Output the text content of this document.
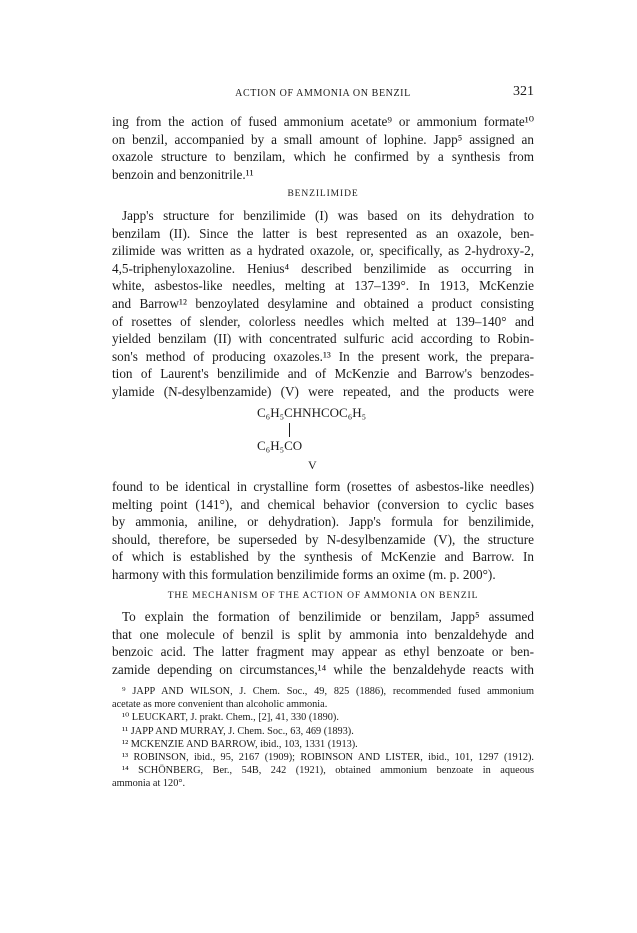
ACTION OF AMMONIA ON BENZIL	321
ing from the action of fused ammonium acetate⁹ or ammonium formate¹⁰
on benzil, accompanied by a small amount of lophine. Japp⁵ assigned an
oxazole structure to benzilam, which he confirmed by a synthesis from
benzoin and benzonitrile.¹¹
BENZILIMIDE
Japp's structure for benzilimide (I) was based on its dehydration to
benzilam (II). Since the latter is best represented as an oxazole, ben-
zilimide was written as a hydrated oxazole, or, specifically, as 2-hydroxy-2,
4,5-triphenyloxazoline. Henius⁴ described benzilimide as occurring in
white, asbestos-like needles, melting at 137–139°. In 1913, McKenzie
and Barrow¹² benzoylated desylamine and obtained a product consisting
of rosettes of slender, colorless needles which melted at 139–140° and
yielded benzilam (II) with concentrated sulfuric acid according to Robin-
son's method of producing oxazoles.¹³ In the present work, the prepara-
tion of Laurent's benzilimide and of McKenzie and Barrow's benzodes-
ylamide (N-desylbenzamide) (V) were repeated, and the products were
C₆H₅CHNHCOC₆H₅
C₆H₅CO
V
found to be identical in crystalline form (rosettes of asbestos-like needles)
melting point (141°), and chemical behavior (conversion to cyclic bases
by ammonia, aniline, or dehydration). Japp's formula for benzilimide,
should, therefore, be superseded by N-desylbenzamide (V), the structure
of which is established by the synthesis of McKenzie and Barrow. In
harmony with this formulation benzilimide forms an oxime (m. p. 200°).
THE MECHANISM OF THE ACTION OF AMMONIA ON BENZIL
To explain the formation of benzilimide or benzilam, Japp⁵ assumed
that one molecule of benzil is split by ammonia into benzaldehyde and
benzoic acid. The latter fragment may appear as ethyl benzoate or ben-
zamide depending on circumstances,¹⁴ while the benzaldehyde reacts with
⁹ JAPP AND WILSON, J. Chem. Soc., 49, 825 (1886), recommended fused ammonium
acetate as more convenient than alcoholic ammonia.
¹⁰ LEUCKART, J. prakt. Chem., [2], 41, 330 (1890).
¹¹ JAPP AND MURRAY, J. Chem. Soc., 63, 469 (1893).
¹² MCKENZIE AND BARROW, ibid., 103, 1331 (1913).
¹³ ROBINSON, ibid., 95, 2167 (1909); ROBINSON AND LISTER, ibid., 101, 1297 (1912).
¹⁴ SCHÖNBERG, Ber., 54B, 242 (1921), obtained ammonium benzoate in aqueous
ammonia at 120°.
